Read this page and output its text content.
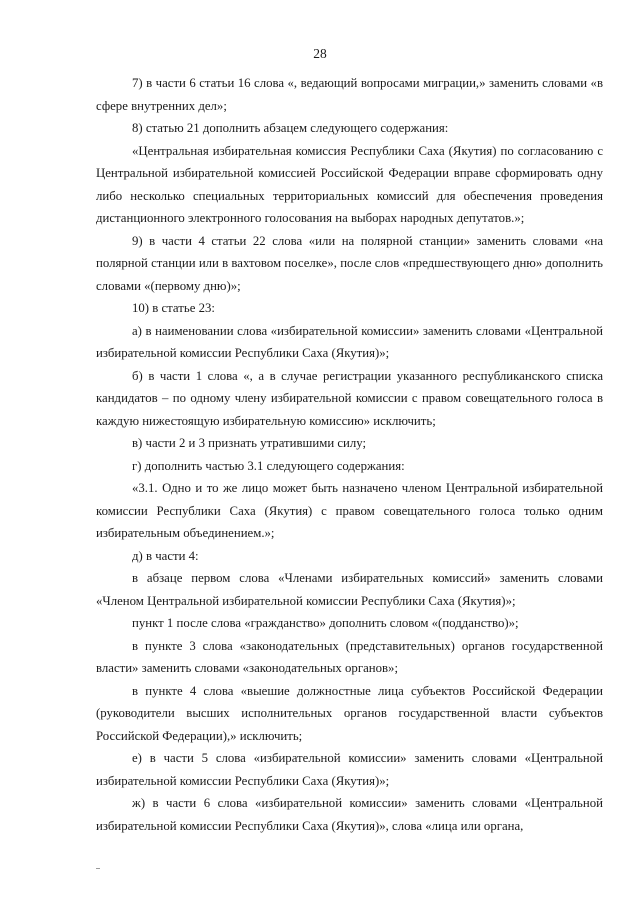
28

7) в части 6 статьи 16 слова «, ведающий вопросами миграции,» заменить словами «в сфере внутренних дел»;

8) статью 21 дополнить абзацем следующего содержания:

«Центральная избирательная комиссия Республики Саха (Якутия) по согласованию с Центральной избирательной комиссией Российской Федерации вправе сформировать одну либо несколько специальных территориальных комиссий для обеспечения проведения дистанционного электронного голосования на выборах народных депутатов.»;

9) в части 4 статьи 22 слова «или на полярной станции» заменить словами «на полярной станции или в вахтовом поселке», после слов «предшествующего дню» дополнить словами «(первому дню)»;

10) в статье 23:

а) в наименовании слова «избирательной комиссии» заменить словами «Центральной избирательной комиссии Республики Саха (Якутия)»;

б) в части 1 слова «, а в случае регистрации указанного республиканского списка кандидатов – по одному члену избирательной комиссии с правом совещательного голоса в каждую нижестоящую избирательную комиссию» исключить;

в) части 2 и 3 признать утратившими силу;

г) дополнить частью 3.1 следующего содержания:

«3.1. Одно и то же лицо может быть назначено членом Центральной избирательной комиссии Республики Саха (Якутия) с правом совещательного голоса только одним избирательным объединением.»;

д) в части 4:

в абзаце первом слова «Членами избирательных комиссий» заменить словами «Членом Центральной избирательной комиссии Республики Саха (Якутия)»;

пункт 1 после слова «гражданство» дополнить словом «(подданство)»;

в пункте 3 слова «законодательных (представительных) органов государственной власти» заменить словами «законодательных органов»;

в пункте 4 слова «выешие должностные лица субъектов Российской Федерации (руководители высших исполнительных органов государственной власти субъектов Российской Федерации),» исключить;

е) в части 5 слова «избирательной комиссии» заменить словами «Центральной избирательной комиссии Республики Саха (Якутия)»;

ж) в части 6 слова «избирательной комиссии» заменить словами «Центральной избирательной комиссии Республики Саха (Якутия)», слова «лица или органа,
